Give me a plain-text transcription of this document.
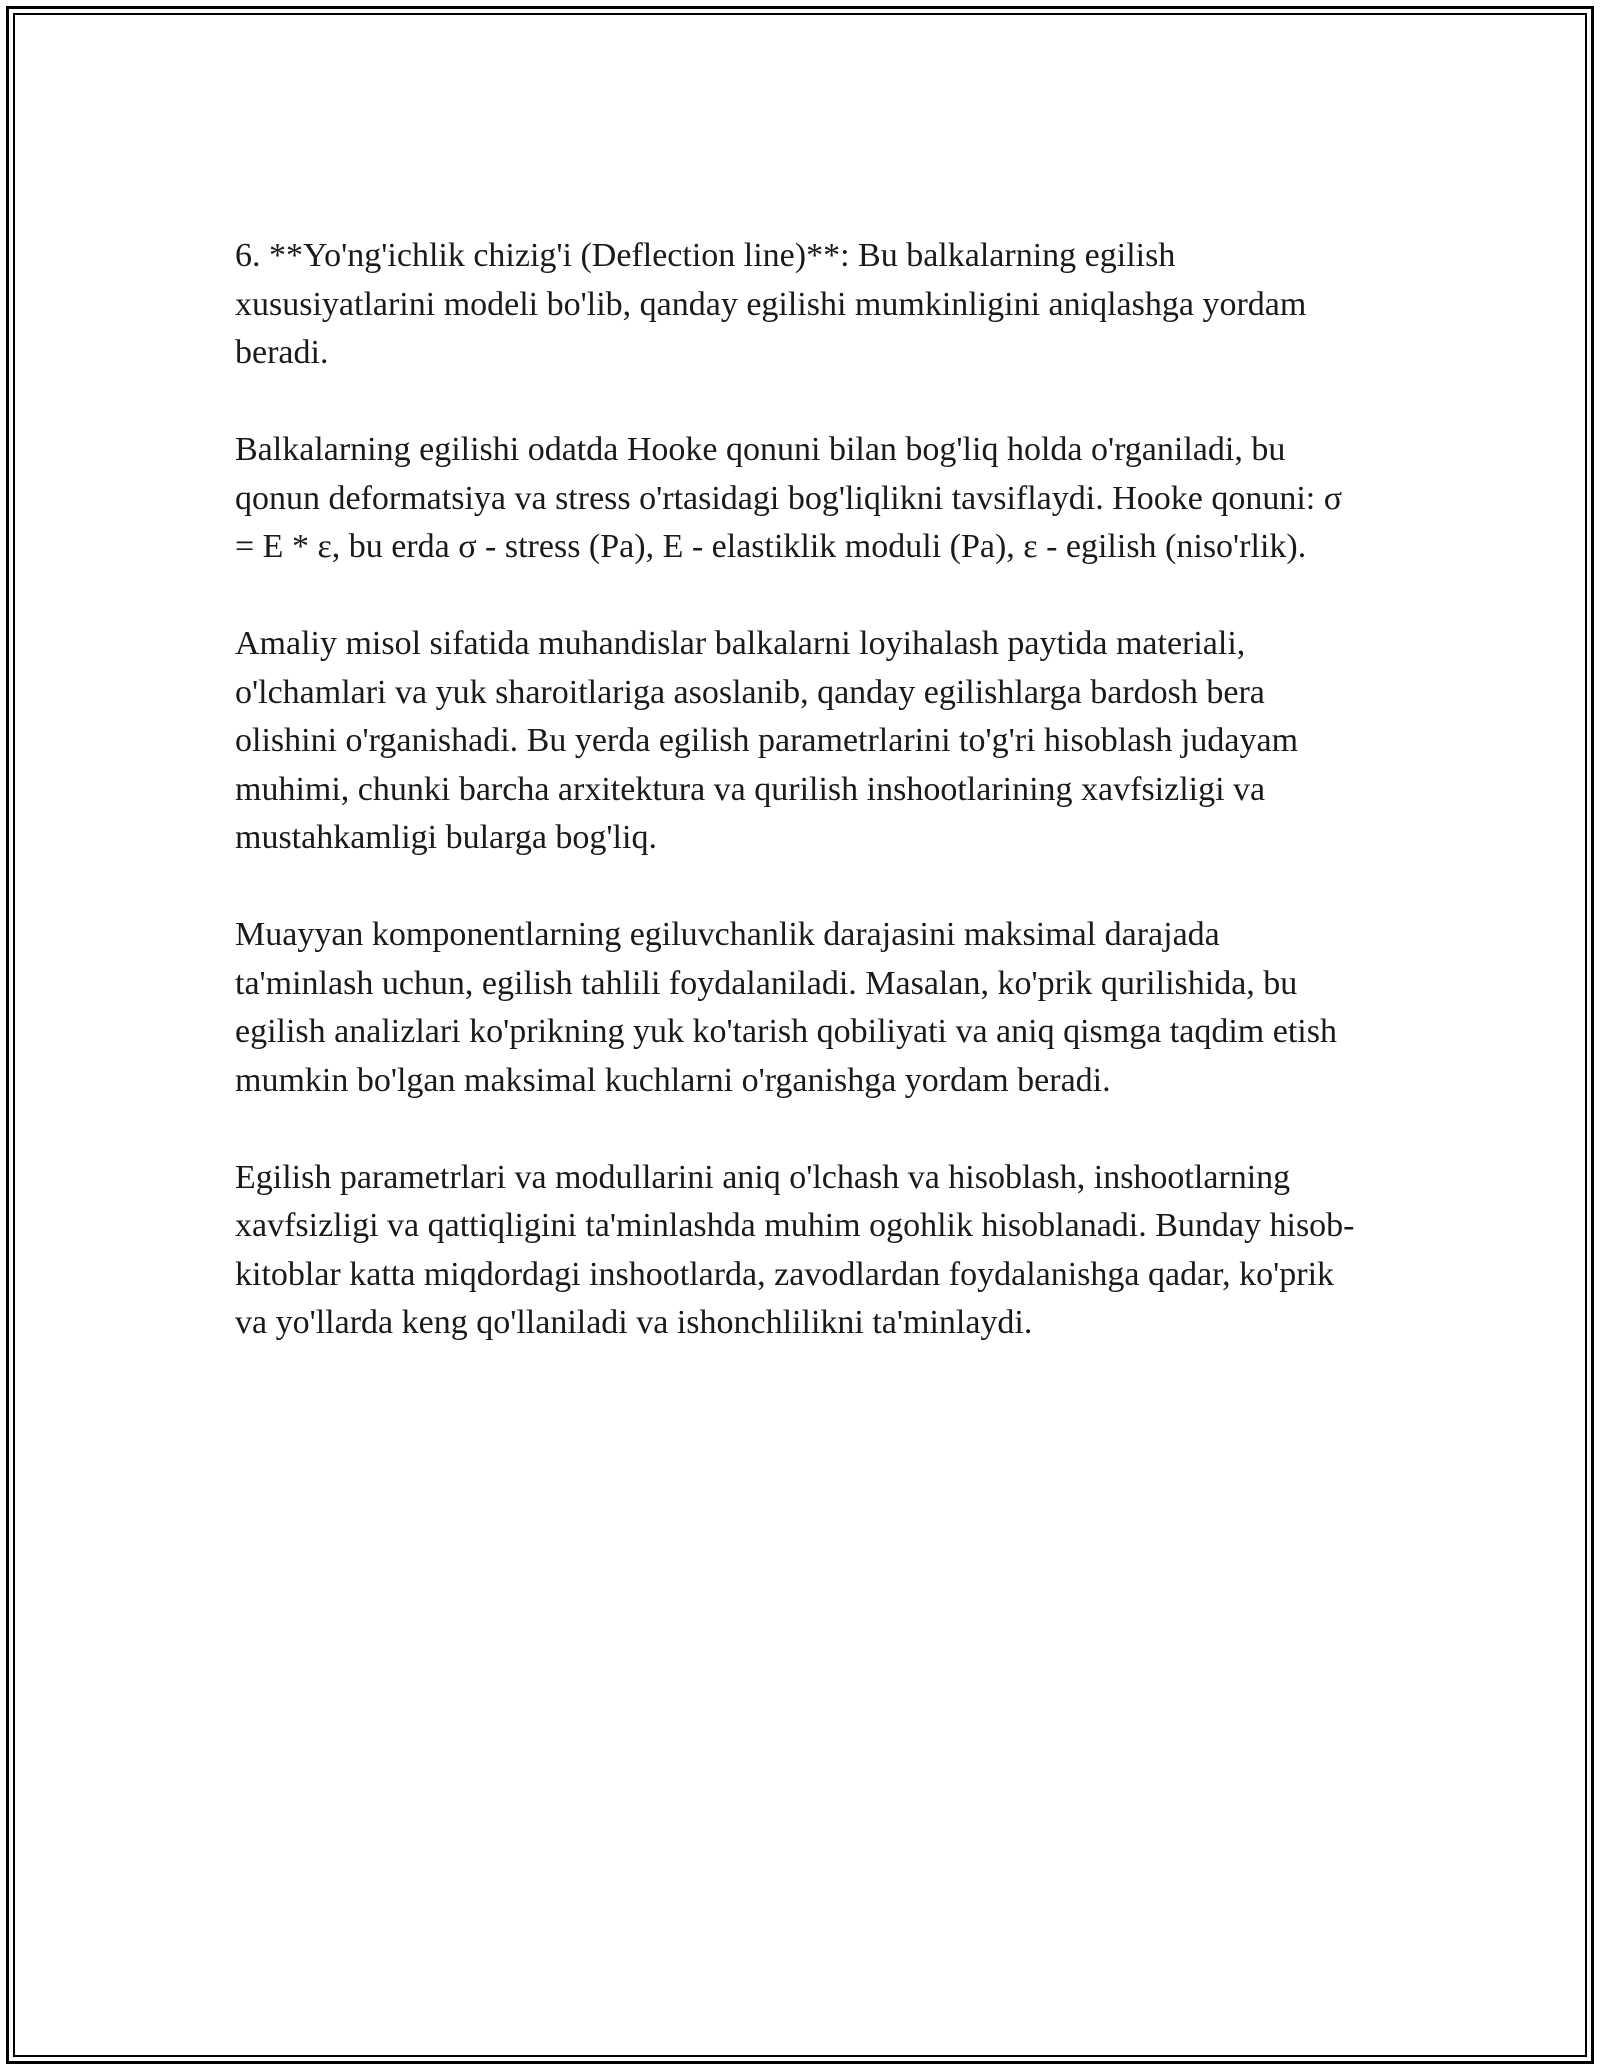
6. **Yo'ng'ichlik chizig'i (Deflection line)**: Bu balkalarning egilish xususiyatlarini modeli bo'lib, qanday egilishi mumkinligini aniqlashga yordam beradi.

Balkalarning egilishi odatda Hooke qonuni bilan bog'liq holda o'rganiladi, bu qonun deformatsiya va stress o'rtasidagi bog'liqlikni tavsiflaydi. Hooke qonuni: σ = E * ε, bu erda σ - stress (Pa), E - elastiklik moduli (Pa), ε - egilish (niso'rlik).

Amaliy misol sifatida muhandislar balkalarni loyihalash paytida materiali, o'lchamlari va yuk sharoitlariga asoslanib, qanday egilishlarga bardosh bera olishini o'rganishadi. Bu yerda egilish parametrlarini to'g'ri hisoblash judayam muhimi, chunki barcha arxitektura va qurilish inshootlarining xavfsizligi va mustahkamligi bularga bog'liq.

Muayyan komponentlarning egiluvchanlik darajasini maksimal darajada ta'minlash uchun, egilish tahlili foydalaniladi. Masalan, ko'prik qurilishida, bu egilish analizlari ko'prikning yuk ko'tarish qobiliyati va aniq qismga taqdim etish mumkin bo'lgan maksimal kuchlarni o'rganishga yordam beradi.

Egilish parametrlari va modullarini aniq o'lchash va hisoblash, inshootlarning xavfsizligi va qattiqligini ta'minlashda muhim ogohlik hisoblanadi. Bunday hisob-kitoblar katta miqdordagi inshootlarda, zavodlardan foydalanishga qadar, ko'prik va yo'llarda keng qo'llaniladi va ishonchlilikni ta'minlaydi.
